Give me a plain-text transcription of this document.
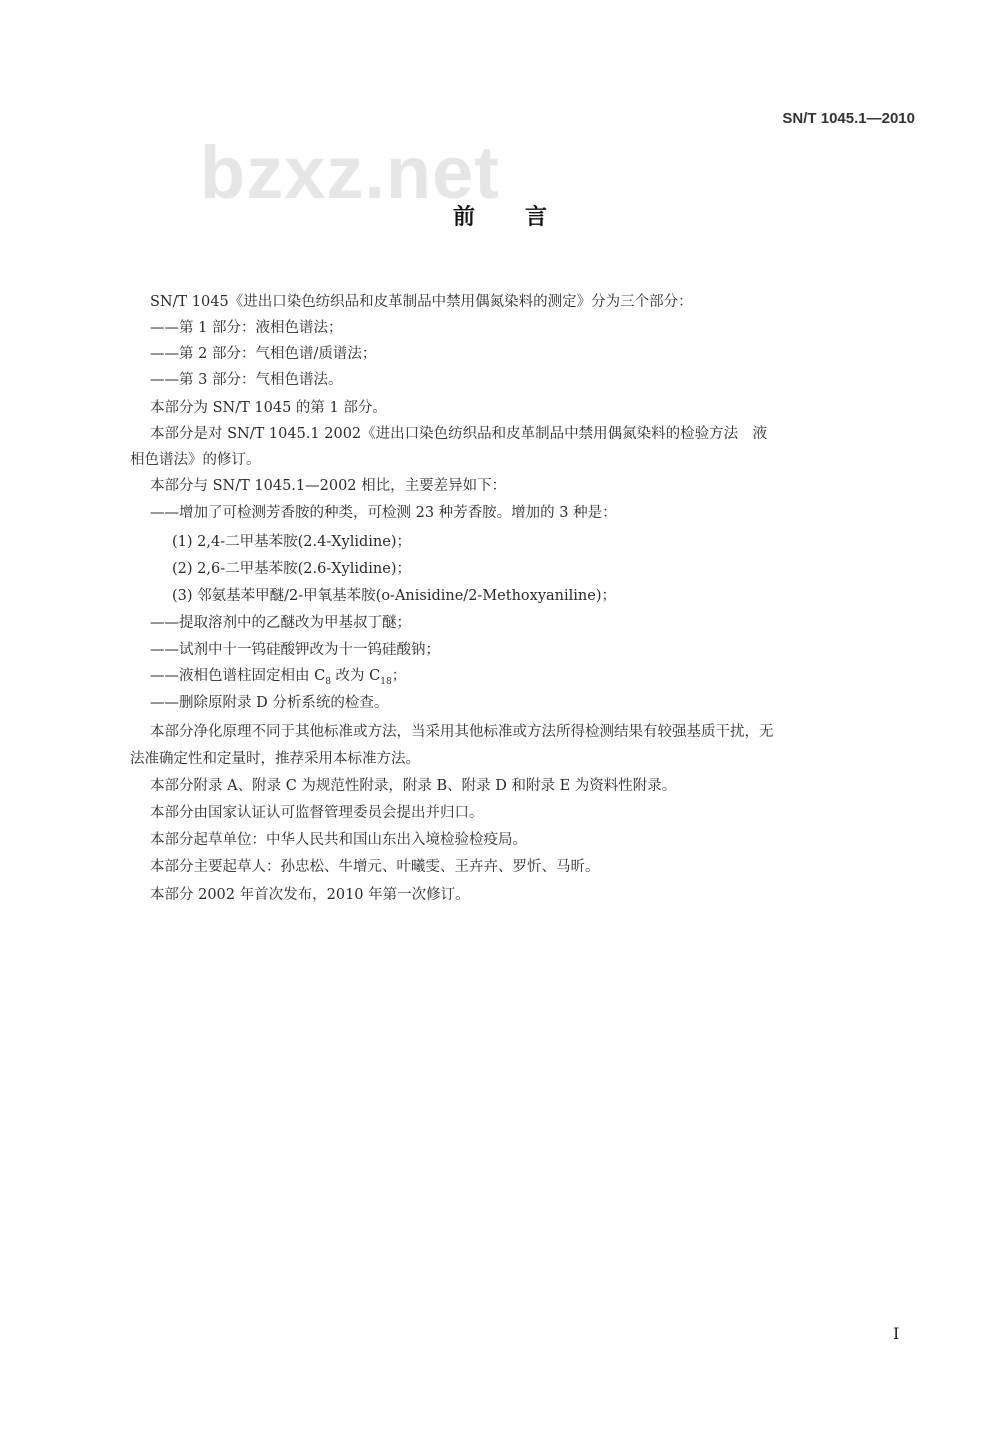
SN/T 1045.1—2010
bzxz.net
前言
SN/T 1045《进出口染色纺织品和皮革制品中禁用偶氮染料的测定》分为三个部分：
——第 1 部分：液相色谱法；
——第 2 部分：气相色谱/质谱法；
——第 3 部分：气相色谱法。
本部分为 SN/T 1045 的第 1 部分。
本部分是对 SN/T 1045.1 2002《进出口染色纺织品和皮革制品中禁用偶氮染料的检验方法　液
相色谱法》的修订。
本部分与 SN/T 1045.1—2002 相比，主要差异如下：
——增加了可检测芳香胺的种类，可检测 23 种芳香胺。增加的 3 种是：
(1) 2,4-二甲基苯胺(2.4-Xylidine)；
(2) 2,6-二甲基苯胺(2.6-Xylidine)；
(3) 邻氨基苯甲醚/2-甲氧基苯胺(o-Anisidine/2-Methoxyaniline)；
——提取溶剂中的乙醚改为甲基叔丁醚；
——试剂中十一钨硅酸钾改为十一钨硅酸钠；
——液相色谱柱固定相由 $C_8$ 改为 $C_{18}$；
——删除原附录 D 分析系统的检查。
本部分净化原理不同于其他标准或方法，当采用其他标准或方法所得检测结果有较强基质干扰，无
法准确定性和定量时，推荐采用本标准方法。
本部分附录 A、附录 C 为规范性附录，附录 B、附录 D 和附录 E 为资料性附录。
本部分由国家认证认可监督管理委员会提出并归口。
本部分起草单位：中华人民共和国山东出入境检验检疫局。
本部分主要起草人：孙忠松、牛增元、叶曦雯、王卉卉、罗忻、马昕。
本部分 2002 年首次发布，2010 年第一次修订。
I
